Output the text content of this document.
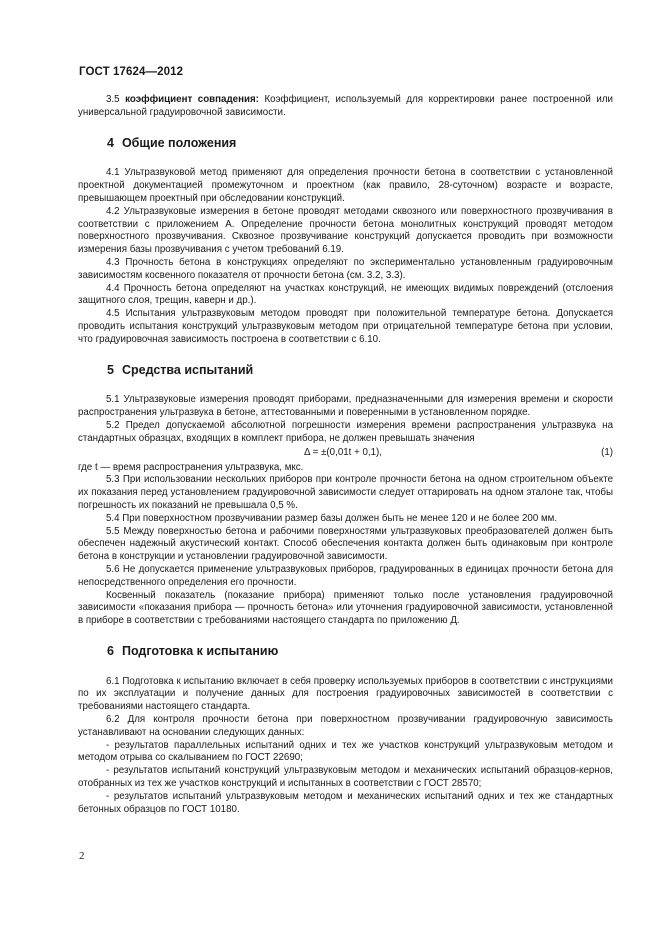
ГОСТ 17624—2012

3.5 коэффициент совпадения: Коэффициент, используемый для корректировки ранее построенной или универсальной градуировочной зависимости.

4 Общие положения

4.1 Ультразвуковой метод применяют для определения прочности бетона в соответствии с установленной проектной документацией промежуточном и проектном (как правило, 28-суточном) возрасте и возрасте, превышающем проектный при обследовании конструкций.

4.2 Ультразвуковые измерения в бетоне проводят методами сквозного или поверхностного прозвучивания в соответствии с приложением А. Определение прочности бетона монолитных конструкций проводят методом поверхностного прозвучивания. Сквозное прозвучивание конструкций допускается проводить при возможности измерения базы прозвучивания с учетом требований 6.19.

4.3 Прочность бетона в конструкциях определяют по экспериментально установленным градуировочным зависимостям косвенного показателя от прочности бетона (см. 3.2, 3.3).

4.4 Прочность бетона определяют на участках конструкций, не имеющих видимых повреждений (отслоения защитного слоя, трещин, каверн и др.).

4.5 Испытания ультразвуковым методом проводят при положительной температуре бетона. Допускается проводить испытания конструкций ультразвуковым методом при отрицательной температуре бетона при условии, что градуировочная зависимость построена в соответствии с 6.10.

5 Средства испытаний

5.1 Ультразвуковые измерения проводят приборами, предназначенными для измерения времени и скорости распространения ультразвука в бетоне, аттестованными и поверенными в установленном порядке.

5.2 Предел допускаемой абсолютной погрешности измерения времени распространения ультразвука на стандартных образцах, входящих в комплект прибора, не должен превышать значения

Δ = ±(0,01t + 0,1),	(1)

где t — время распространения ультразвука, мкс.

5.3 При использовании нескольких приборов при контроле прочности бетона на одном строительном объекте их показания перед установлением градуировочной зависимости следует оттарировать на одном эталоне так, чтобы погрешность их показаний не превышала 0,5 %.

5.4 При поверхностном прозвучивании размер базы должен быть не менее 120 и не более 200 мм.

5.5 Между поверхностью бетона и рабочими поверхностями ультразвуковых преобразователей должен быть обеспечен надежный акустический контакт. Способ обеспечения контакта должен быть одинаковым при контроле бетона в конструкции и установлении градуировочной зависимости.

5.6 Не допускается применение ультразвуковых приборов, градуированных в единицах прочности бетона для непосредственного определения его прочности.

Косвенный показатель (показание прибора) применяют только после установления градуировочной зависимости «показания прибора — прочность бетона» или уточнения градуировочной зависимости, установленной в приборе в соответствии с требованиями настоящего стандарта по приложению Д.

6 Подготовка к испытанию

6.1 Подготовка к испытанию включает в себя проверку используемых приборов в соответствии с инструкциями по их эксплуатации и получение данных для построения градуировочных зависимостей в соответствии с требованиями настоящего стандарта.

6.2 Для контроля прочности бетона при поверхностном прозвучивании градуировочную зависимость устанавливают на основании следующих данных:

- результатов параллельных испытаний одних и тех же участков конструкций ультразвуковым методом и методом отрыва со скалыванием по ГОСТ 22690;

- результатов испытаний конструкций ультразвуковым методом и механических испытаний образцов-кернов, отобранных из тех же участков конструкций и испытанных в соответствии с ГОСТ 28570;

- результатов испытаний ультразвуковым методом и механических испытаний одних и тех же стандартных бетонных образцов по ГОСТ 10180.

2
